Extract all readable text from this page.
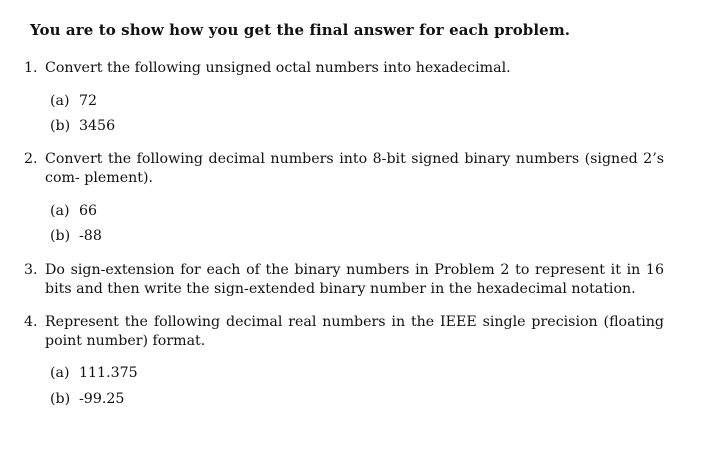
You are to show how you get the final answer for each problem.
1. Convert the following unsigned octal numbers into hexadecimal.
(a) 72
(b) 3456
2. Convert the following decimal numbers into 8-bit signed binary numbers (signed 2’s com- plement).
(a) 66
(b) -88
3. Do sign-extension for each of the binary numbers in Problem 2 to represent it in 16 bits and then write the sign-extended binary number in the hexadecimal notation.
4. Represent the following decimal real numbers in the IEEE single precision (floating point number) format.
(a) 111.375
(b) -99.25
